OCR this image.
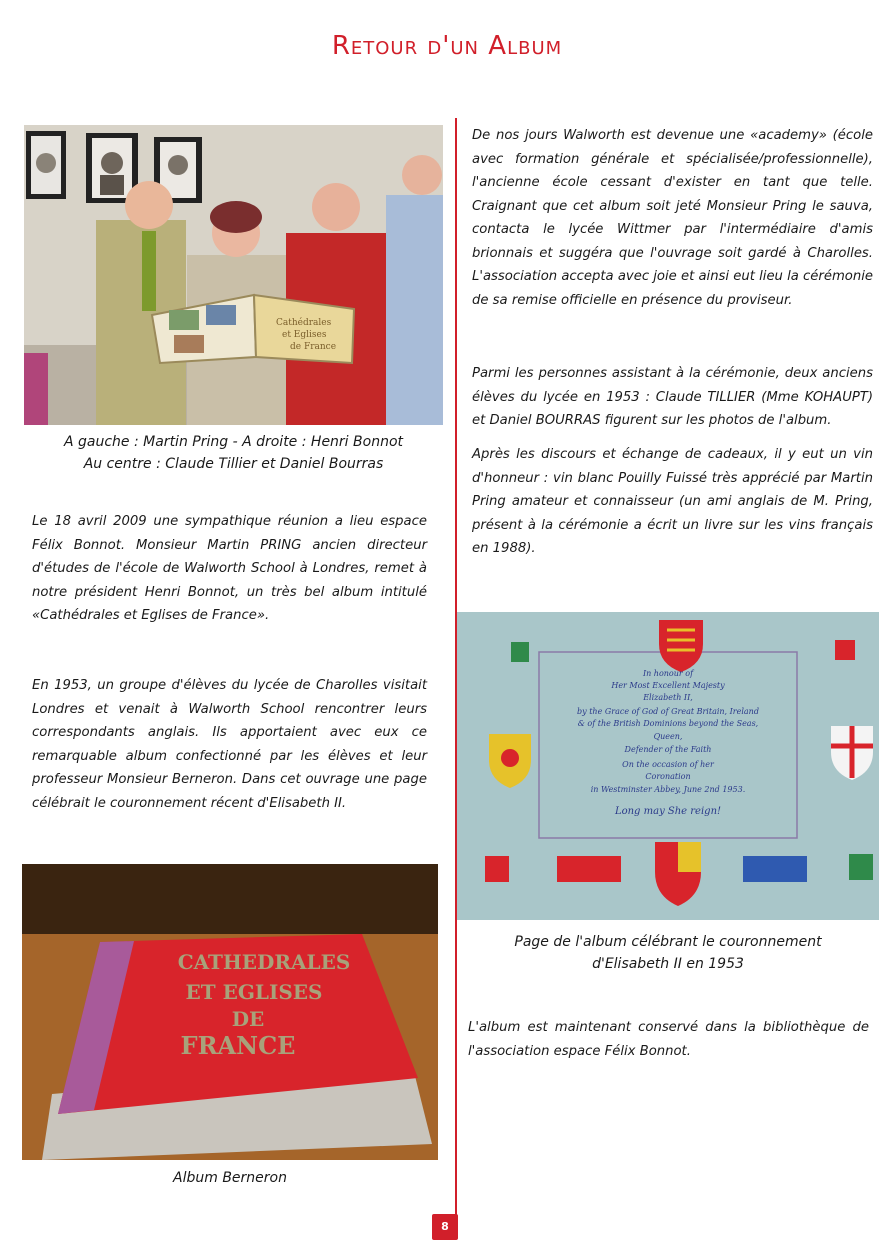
Retour d'un Album
Cathédrales
et Eglises
de France

A gauche : Martin Pring - A droite : Henri Bonnot
Au centre : Claude Tillier et Daniel Bourras

Le 18 avril 2009 une sympathique réunion a lieu espace Félix Bonnot. Monsieur Martin PRING ancien directeur d'études de l'école de Walworth School à Londres, remet à notre président Henri Bonnot, un très bel album intitulé «Cathédrales et Eglises de France».

En 1953, un groupe d'élèves du lycée de Charolles visitait Londres et venait à Walworth School rencontrer leurs correspondants anglais. Ils apportaient avec eux ce remarquable album confectionné par les élèves et leur professeur Monsieur Berneron. Dans cet ouvrage une page célébrait le couronnement récent d'Elisabeth II.

CATHEDRALES
ET EGLISES
DE
FRANCE

Album Berneron

De nos jours Walworth est devenue une «academy» (école avec formation générale et spécialisée/professionnelle), l'ancienne école cessant d'exister en tant que telle. Craignant que cet album soit jeté Monsieur Pring le sauva, contacta le lycée Wittmer par l'intermédiaire d'amis brionnais et suggéra que l'ouvrage soit gardé à Charolles. L'association accepta avec joie et ainsi eut lieu la cérémonie de sa remise officielle en présence du proviseur.

Parmi les personnes assistant à la cérémonie, deux anciens élèves du lycée en 1953 : Claude TILLIER (Mme KOHAUPT) et Daniel BOURRAS figurent sur les photos de l'album.

Après les discours et échange de cadeaux, il y eut un vin d'honneur : vin blanc Pouilly Fuissé très apprécié par Martin Pring amateur et connaisseur (un ami anglais de M. Pring, présent à la cérémonie a écrit un livre sur les vins français en 1988).

In honour of
Her Most Excellent Majesty
Elizabeth II,
by the Grace of God of Great Britain, Ireland
& of the British Dominions beyond the Seas,
Queen,
Defender of the Faith
On the occasion of her
Coronation
in Westminster Abbey, June 2nd 1953.
Long may She reign!

Page de l'album célébrant le couronnement
d'Elisabeth II en 1953

L'album est maintenant conservé dans la bibliothèque de l'association espace Félix Bonnot.

8
